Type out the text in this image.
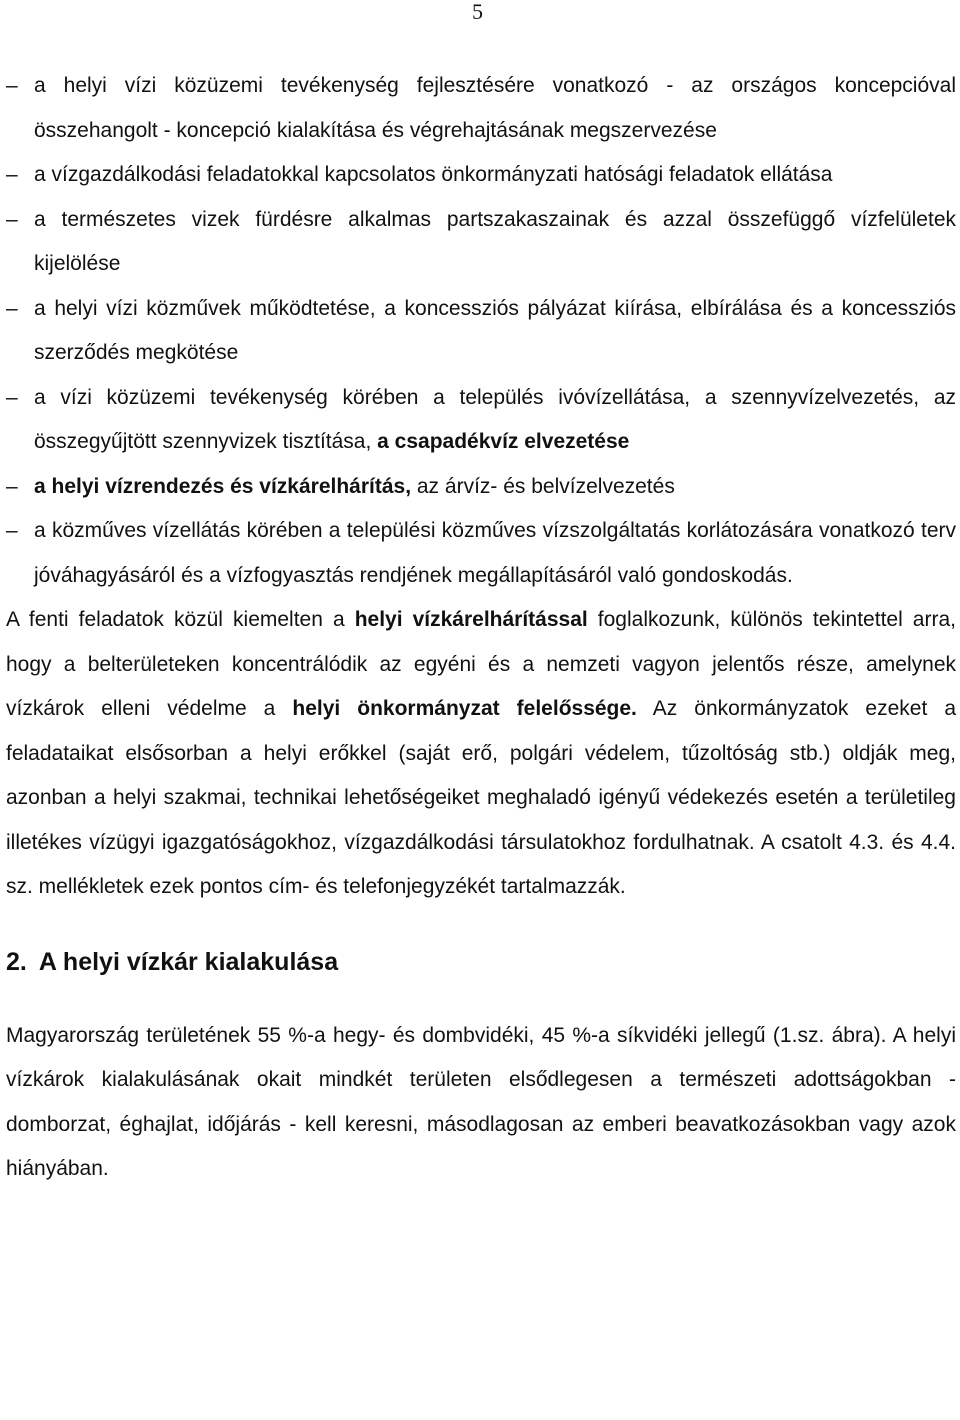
5
– a helyi vízi közüzemi tevékenység fejlesztésére vonatkozó - az országos koncepcióval összehangolt - koncepció kialakítása és végrehajtásának megszervezése
– a vízgazdálkodási feladatokkal kapcsolatos önkormányzati hatósági feladatok ellátása
– a természetes vizek fürdésre alkalmas partszakaszainak és azzal összefüggő vízfelületek kijelölése
– a helyi vízi közművek működtetése, a koncessziós pályázat kiírása, elbírálása és a koncessziós szerződés megkötése
– a vízi közüzemi tevékenység körében a település ivóvízellátása, a szennyvízelvezetés, az összegyűjtött szennyvizek tisztítása, a csapadékvíz elvezetése
– a helyi vízrendezés és vízkárelhárítás, az árvíz- és belvízelvezetés
– a közműves vízellátás körében a települési közműves vízszolgáltatás korlátozására vonatkozó terv jóváhagyásáról és a vízfogyasztás rendjének megállapításáról való gondoskodás.

A fenti feladatok közül kiemelten a helyi vízkárelhárítással foglalkozunk, különös tekintettel arra, hogy a belterületeken koncentrálódik az egyéni és a nemzeti vagyon jelentős része, amelynek vízkárok elleni védelme a helyi önkormányzat felelőssége. Az önkormányzatok ezeket a feladataikat elsősorban a helyi erőkkel (saját erő, polgári védelem, tűzoltóság stb.) oldják meg, azonban a helyi szakmai, technikai lehetőségeiket meghaladó igényű védekezés esetén a területileg illetékes vízügyi igazgatóságokhoz, vízgazdálkodási társulatokhoz fordulhatnak. A csatolt 4.3. és 4.4. sz. mellékletek ezek pontos cím- és telefonjegyzékét tartalmazzák.

2. A helyi vízkár kialakulása

Magyarország területének 55 %-a hegy- és dombvidéki, 45 %-a síkvidéki jellegű (1.sz. ábra). A helyi vízkárok kialakulásának okait mindkét területen elsődlegesen a természeti adottságokban - domborzat, éghajlat, időjárás - kell keresni, másodlagosan az emberi beavatkozásokban vagy azok hiányában.
